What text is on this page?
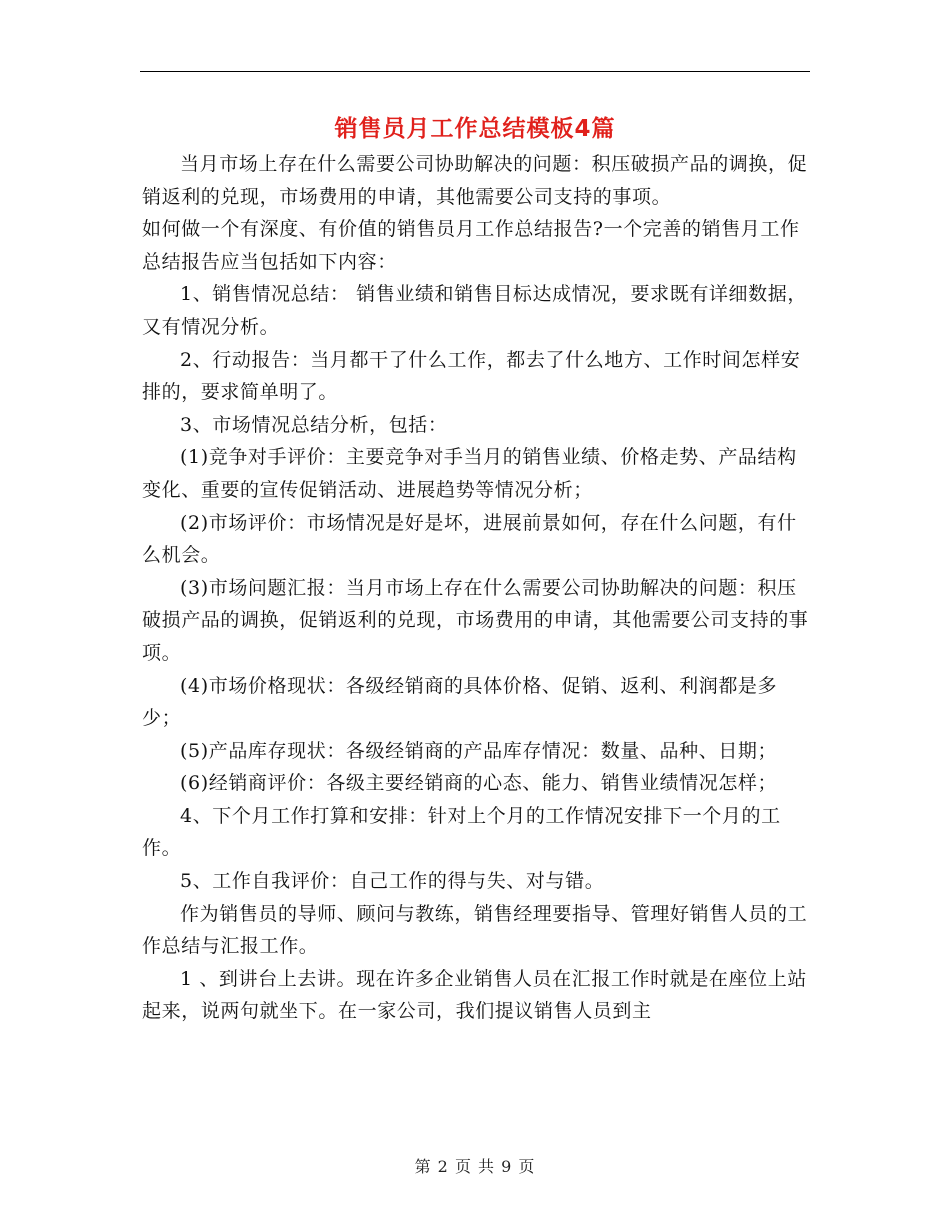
销售员月工作总结模板4篇

当月市场上存在什么需要公司协助解决的问题：积压破损产品的调换，促销返利的兑现，市场费用的申请，其他需要公司支持的事项。

如何做一个有深度、有价值的销售员月工作总结报告?一个完善的销售月工作总结报告应当包括如下内容：

1、销售情况总结： 销售业绩和销售目标达成情况，要求既有详细数据，又有情况分析。

2、行动报告：当月都干了什么工作，都去了什么地方、工作时间怎样安排的，要求简单明了。

3、市场情况总结分析，包括：

(1)竞争对手评价：主要竞争对手当月的销售业绩、价格走势、产品结构变化、重要的宣传促销活动、进展趋势等情况分析；

(2)市场评价：市场情况是好是坏，进展前景如何，存在什么问题，有什么机会。

(3)市场问题汇报：当月市场上存在什么需要公司协助解决的问题：积压破损产品的调换，促销返利的兑现，市场费用的申请，其他需要公司支持的事项。

(4)市场价格现状：各级经销商的具体价格、促销、返利、利润都是多少；

(5)产品库存现状：各级经销商的产品库存情况：数量、品种、日期；

(6)经销商评价：各级主要经销商的心态、能力、销售业绩情况怎样；

4、下个月工作打算和安排：针对上个月的工作情况安排下一个月的工作。

5、工作自我评价：自己工作的得与失、对与错。

作为销售员的导师、顾问与教练，销售经理要指导、管理好销售人员的工作总结与汇报工作。

1 、到讲台上去讲。现在许多企业销售人员在汇报工作时就是在座位上站起来，说两句就坐下。在一家公司，我们提议销售人员到主

第 2 页 共 9 页
